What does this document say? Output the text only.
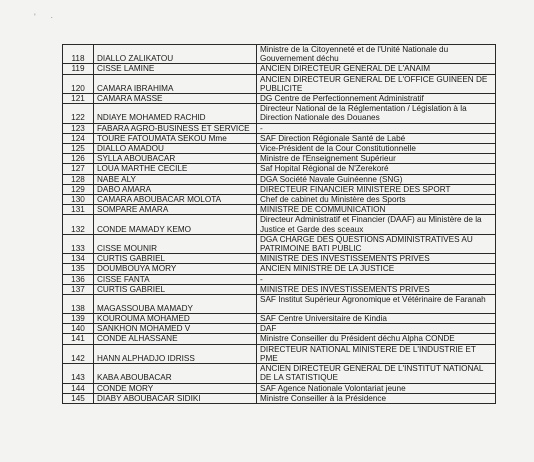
' ·
118	DIALLO ZALIKATOU	Ministre de la Citoyenneté et de l'Unité Nationale du Gouvernement déchu
119	CISSE LAMINE	ANCIEN DIRECTEUR GENERAL DE L'ANAIM
120	CAMARA IBRAHIMA	ANCIEN DIRECTEUR GENERAL DE L'OFFICE GUINEEN DE PUBLICITE
121	CAMARA MASSE	DG Centre de Perfectionnement Administratif
122	NDIAYE MOHAMED RACHID	Directeur National de la Réglementation / Législation à la Direction Nationale des Douanes
123	FABARA AGRO-BUSINESS ET SERVICE	-
124	TOURE FATOUMATA SEKOU Mme	SAF Direction Régionale Santé de Labé
125	DIALLO AMADOU	Vice-Président de la Cour Constitutionnelle
126	SYLLA ABOUBACAR	Ministre de l'Enseignement Supérieur
127	LOUA MARTHE CECILE	Saf Hopital Régional de N'Zerekoré
128	NABE ALY	DGA Société Navale Guinéenne (SNG)
129	DABO AMARA	DIRECTEUR FINANCIER MINISTERE DES SPORT
130	CAMARA ABOUBACAR MOLOTA	Chef de cabinet du Ministère des Sports
131	SOMPARE AMARA	MINISTRE DE COMMUNICATION
132	CONDE MAMADY KEMO	Directeur Administratif et Financier (DAAF) au Ministère de la Justice et Garde des sceaux
133	CISSE MOUNIR	DGA CHARGE DES QUESTIONS ADMINISTRATIVES AU PATRIMOINE BATI PUBLIC
134	CURTIS GABRIEL	MINISTRE DES INVESTISSEMENTS PRIVES
135	DOUMBOUYA MORY	ANCIEN MINISTRE DE LA JUSTICE
136	CISSE FANTA	-
137	CURTIS GABRIEL	MINISTRE DES INVESTISSEMENTS PRIVES
138	MAGASSOUBA MAMADY	SAF Institut Supérieur Agronomique et Vétérinaire de Faranah
139	KOUROUMA MOHAMED	SAF Centre Universitaire de Kindia
140	SANKHON MOHAMED V	DAF
141	CONDE ALHASSANE	Ministre Conseiller du Président déchu Alpha CONDE
142	HANN ALPHADJO IDRISS	DIRECTEUR NATIONAL MINISTERE DE L'INDUSTRIE ET PME
143	KABA ABOUBACAR	ANCIEN DIRECTEUR GENERAL DE L'INSTITUT NATIONAL DE LA STATISTIQUE
144	CONDE MORY	SAF Agence Nationale Volontariat jeune
145	DIABY ABOUBACAR SIDIKI	Ministre Conseiller à la Présidence
